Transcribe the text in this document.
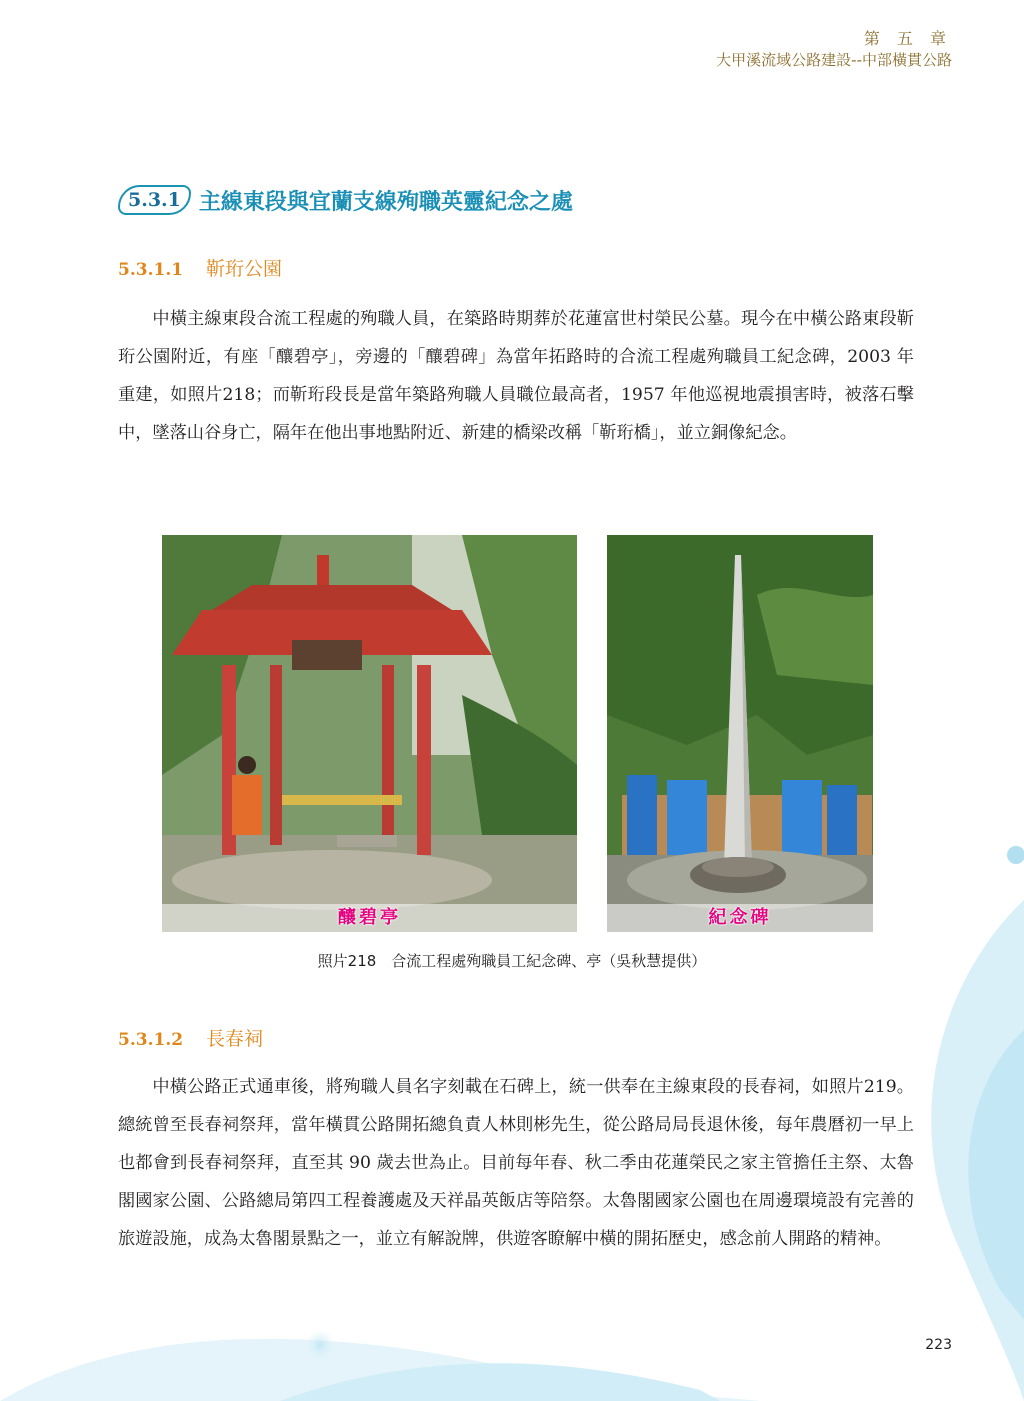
第 五 章
大甲溪流域公路建設--中部橫貫公路
5.3.1 主線東段與宜蘭支線殉職英靈紀念之處
5.3.1.1	靳珩公園

中橫主線東段合流工程處的殉職人員，在築路時期葬於花蓮富世村榮民公墓。現今在中橫公路東段靳珩公園附近，有座「釀碧亭」，旁邊的「釀碧碑」為當年拓路時的合流工程處殉職員工紀念碑，2003 年重建，如照片218；而靳珩段長是當年築路殉職人員職位最高者，1957 年他巡視地震損害時，被落石擊中，墜落山谷身亡，隔年在他出事地點附近、新建的橋梁改稱「靳珩橋」，並立銅像紀念。

釀碧亭	紀念碑
照片218　合流工程處殉職員工紀念碑、亭（吳秋慧提供）
5.3.1.2	長春祠

中橫公路正式通車後，將殉職人員名字刻載在石碑上，統一供奉在主線東段的長春祠，如照片219。總統曾至長春祠祭拜，當年橫貫公路開拓總負責人林則彬先生，從公路局局長退休後，每年農曆初一早上也都會到長春祠祭拜，直至其 90 歲去世為止。目前每年春、秋二季由花蓮榮民之家主管擔任主祭、太魯閣國家公園、公路總局第四工程養護處及天祥晶英飯店等陪祭。太魯閣國家公園也在周邊環境設有完善的旅遊設施，成為太魯閣景點之一，並立有解說牌，供遊客瞭解中橫的開拓歷史，感念前人開路的精神。

223
